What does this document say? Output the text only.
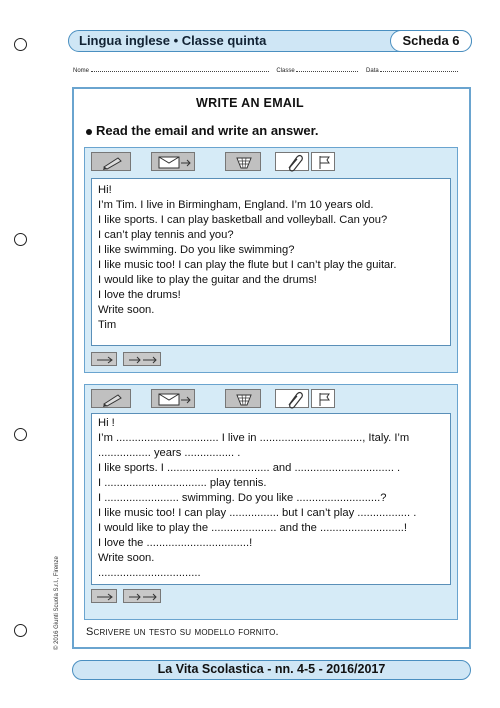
Lingua inglese • Classe quinta	Scheda 6
Nome	Classe	Data
WRITE AN EMAIL
Read the email and write an answer.
Hi!
I’m Tim. I live in Birmingham, England. I’m 10 years old.
I like sports. I can play basketball and volleyball. Can you?
I can’t play tennis and you?
I like swimming. Do you like swimming?
I like music too! I can play the flute but I can’t play the guitar.
I would like to play the guitar and the drums!
I love the drums!
Write soon.
Tim
Hi !
I’m ................................. I live in ................................., Italy. I’m
................. years ................ .
I like sports. I ................................. and ................................ .
I ................................. play tennis.
I ........................ swimming. Do you like ...........................?
I like music too! I can play ................ but I can’t play ................. .
I would like to play the ..................... and the ...........................!
I love the .................................!
Write soon.
.................................
Scrivere un testo su modello fornito.
© 2016 Giunti Scuola S.r.l., Firenze
La Vita Scolastica - nn. 4-5 - 2016/2017
